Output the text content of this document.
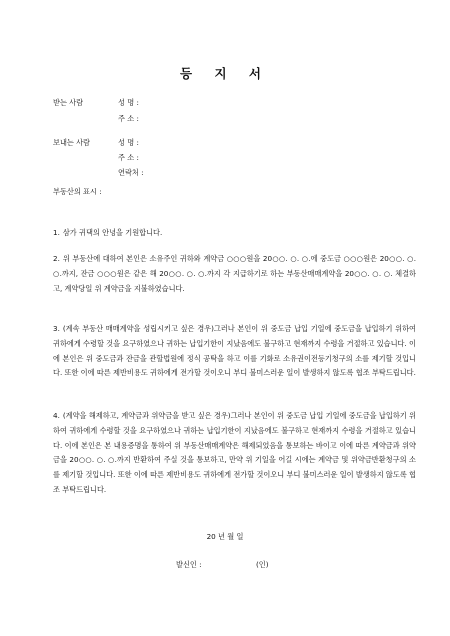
등 지 서
받는 사람	성 명 :
주 소 :
보내는 사람	성 명 :
주 소 :
연락처 :
부동산의 표시 :
1. 삼가 귀댁의 안녕을 기원합니다.
2. 위 부동산에 대하여 본인은 소유주인 귀하와 계약금 ○○○원을 20○○. ○. ○.에 중도금 ○○○원은 20○○. ○. ○.까지, 잔금 ○○○원은 같은 해 20○○. ○. ○.까지 각 지급하기로 하는 부동산매매계약을 20○○. ○. ○. 체결하고, 계약당일 위 계약금을 지불하였습니다.
3. (계속 부동산 매매계약을 성립시키고 싶은 경우)그러나 본인이 위 중도금 납입 기일에 중도금을 납입하기 위하여 귀하에게 수령할 것을 요구하였으나 귀하는 납입기한이 지났음에도 불구하고 현재까지 수령을 거절하고 있습니다. 이에 본인은 위 중도금과 잔금을 관할법원에 정식 공탁을 하고 이를 기화로 소유권이전등기청구의 소를 제기할 것입니다. 또한 이에 따른 제반비용도 귀하에게 전가할 것이오니 부디 불미스러운 일이 발생하지 않도록 협조 부탁드립니다.
4. (계약을 해제하고, 계약금과 위약금을 받고 싶은 경우)그러나 본인이 위 중도금 납입 기일에 중도금을 납입하기 위하여 귀하에게 수령할 것을 요구하였으나 귀하는 납입기한이 지났음에도 불구하고 현재까지 수령을 거절하고 있습니다. 이에 본인은 본 내용증명을 통하여 위 부동산매매계약은 해제되었음을 통보하는 바이고 이에 따른 계약금과 위약금을 20○○. ○. ○.까지 반환하여 주실 것을 통보하고, 만약 위 기일을 어길 시에는 계약금 및 위약금반환청구의 소를 제기할 것입니다. 또한 이에 따른 제반비용도 귀하에게 전가할 것이오니 부디 불미스러운 일이 발생하지 않도록 협조 부탁드립니다.
20 년 월 일
발신인 :	(인)
